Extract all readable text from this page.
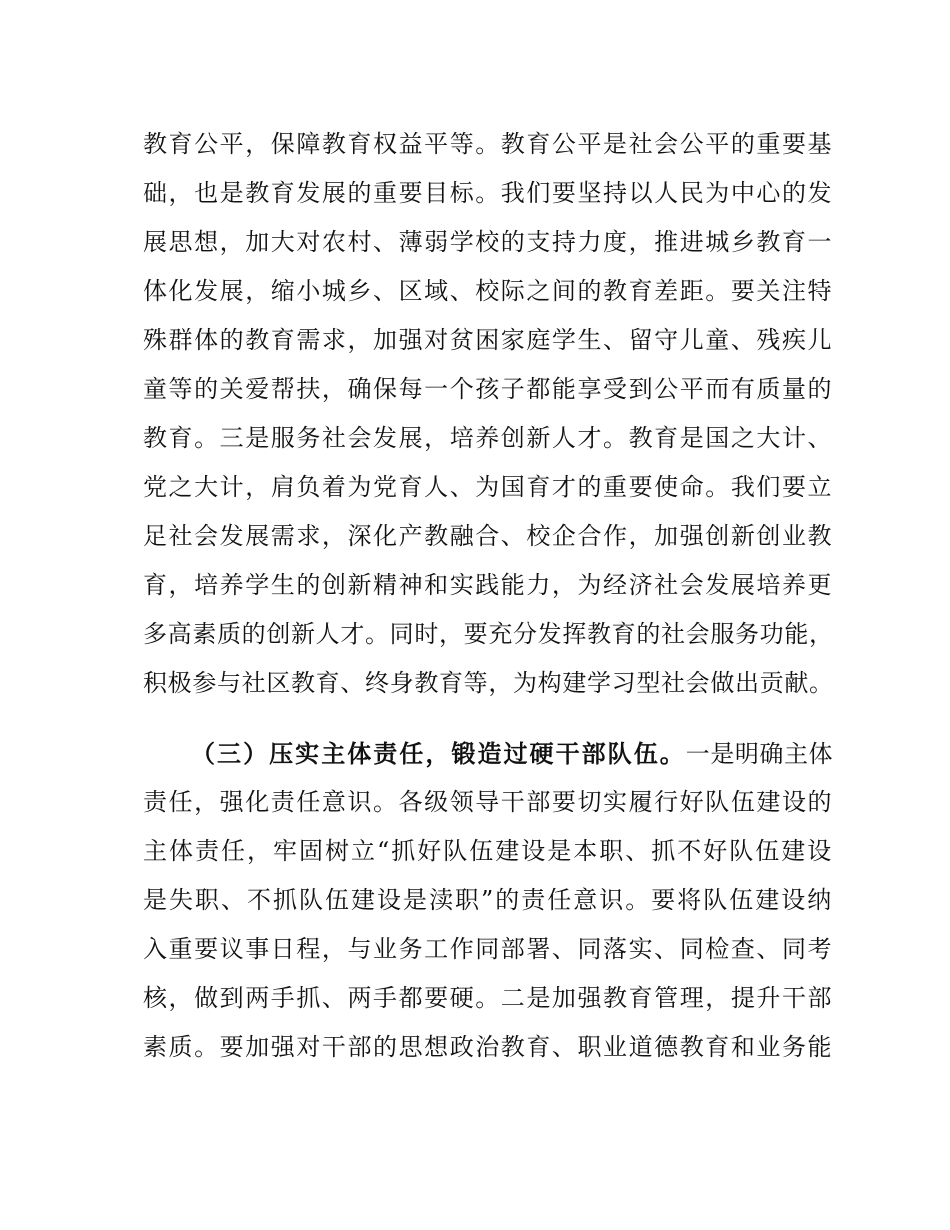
教育公平，保障教育权益平等。教育公平是社会公平的重要基
础，也是教育发展的重要目标。我们要坚持以人民为中心的发
展思想，加大对农村、薄弱学校的支持力度，推进城乡教育一
体化发展，缩小城乡、区域、校际之间的教育差距。要关注特
殊群体的教育需求，加强对贫困家庭学生、留守儿童、残疾儿
童等的关爱帮扶，确保每一个孩子都能享受到公平而有质量的
教育。三是服务社会发展，培养创新人才。教育是国之大计、
党之大计，肩负着为党育人、为国育才的重要使命。我们要立
足社会发展需求，深化产教融合、校企合作，加强创新创业教
育，培养学生的创新精神和实践能力，为经济社会发展培养更
多高素质的创新人才。同时，要充分发挥教育的社会服务功能，
积极参与社区教育、终身教育等，为构建学习型社会做出贡献。
（三）压实主体责任，锻造过硬干部队伍。一是明确主体
责任，强化责任意识。各级领导干部要切实履行好队伍建设的
主体责任，牢固树立“抓好队伍建设是本职、抓不好队伍建设
是失职、不抓队伍建设是渎职”的责任意识。要将队伍建设纳
入重要议事日程，与业务工作同部署、同落实、同检查、同考
核，做到两手抓、两手都要硬。二是加强教育管理，提升干部
素质。要加强对干部的思想政治教育、职业道德教育和业务能
